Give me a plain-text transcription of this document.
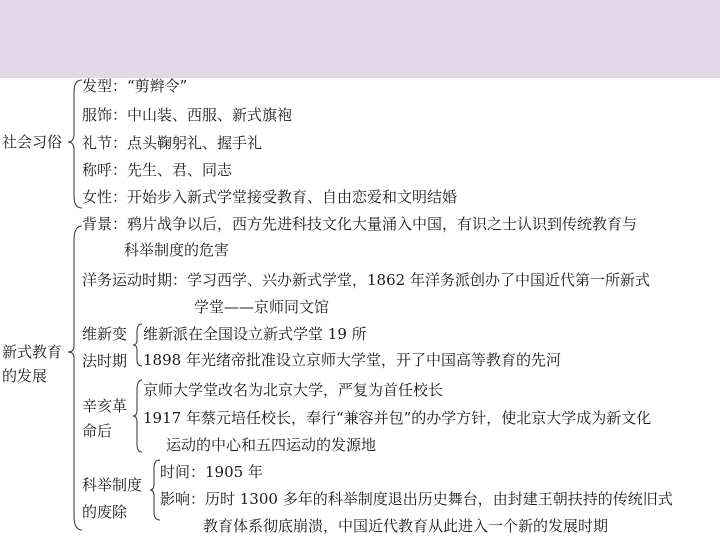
社会习俗
发型：“剪辫令”
服饰：中山装、西服、新式旗袍
礼节：点头鞠躬礼、握手礼
称呼：先生、君、同志
女性：开始步入新式学堂接受教育、自由恋爱和文明结婚
新式教育
的发展
背景：鸦片战争以后，西方先进科技文化大量涌入中国，有识之士认识到传统教育与
科举制度的危害
洋务运动时期：学习西学、兴办新式学堂，1862 年洋务派创办了中国近代第一所新式
学堂——京师同文馆
维新变
法时期
维新派在全国设立新式学堂 19 所
1898 年光绪帝批准设立京师大学堂，开了中国高等教育的先河
辛亥革
命后
京师大学堂改名为北京大学，严复为首任校长
1917 年蔡元培任校长，奉行“兼容并包”的办学方针，使北京大学成为新文化
运动的中心和五四运动的发源地
科举制度
的废除
时间：1905 年
影响：历时 1300 多年的科举制度退出历史舞台，由封建王朝扶持的传统旧式
教育体系彻底崩溃，中国近代教育从此进入一个新的发展时期
